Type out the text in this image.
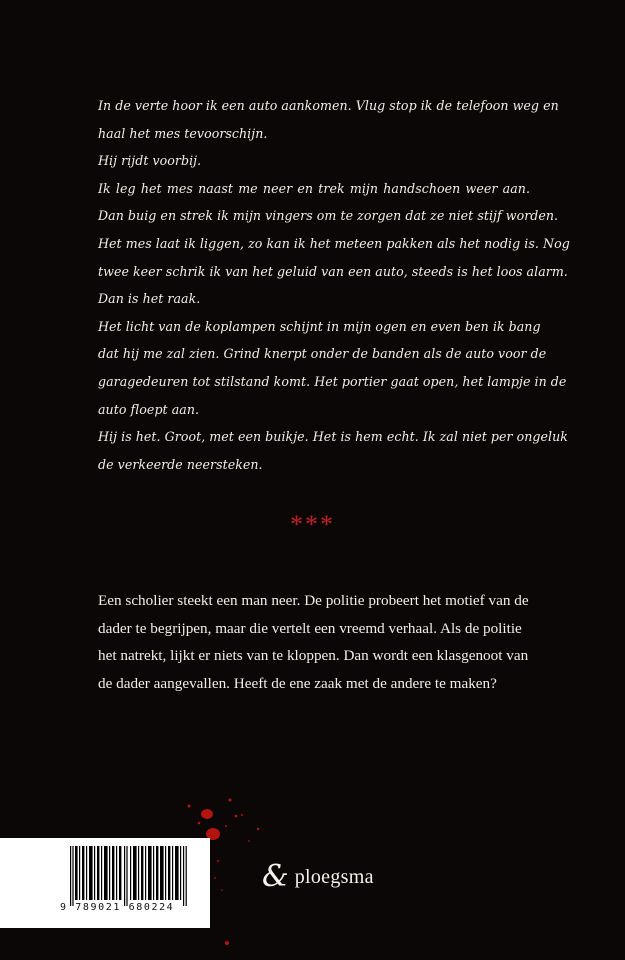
In de verte hoor ik een auto aankomen. Vlug stop ik de telefoon weg en
haal het mes tevoorschijn.
Hij rijdt voorbij.
Ik leg het mes naast me neer en trek mijn handschoen weer aan.
Dan buig en strek ik mijn vingers om te zorgen dat ze niet stijf worden.
Het mes laat ik liggen, zo kan ik het meteen pakken als het nodig is. Nog
twee keer schrik ik van het geluid van een auto, steeds is het loos alarm.
Dan is het raak.
Het licht van de koplampen schijnt in mijn ogen en even ben ik bang
dat hij me zal zien. Grind knerpt onder de banden als de auto voor de
garagedeuren tot stilstand komt. Het portier gaat open, het lampje in de
auto floept aan.
Hij is het. Groot, met een buikje. Het is hem echt. Ik zal niet per ongeluk
de verkeerde neersteken.
***
Een scholier steekt een man neer. De politie probeert het motief van de
dader te begrijpen, maar die vertelt een vreemd verhaal. Als de politie
het natrekt, lijkt er niets van te kloppen. Dan wordt een klasgenoot van
de dader aangevallen. Heeft de ene zaak met de andere te maken?
9 789021 680224
& ploegsma
